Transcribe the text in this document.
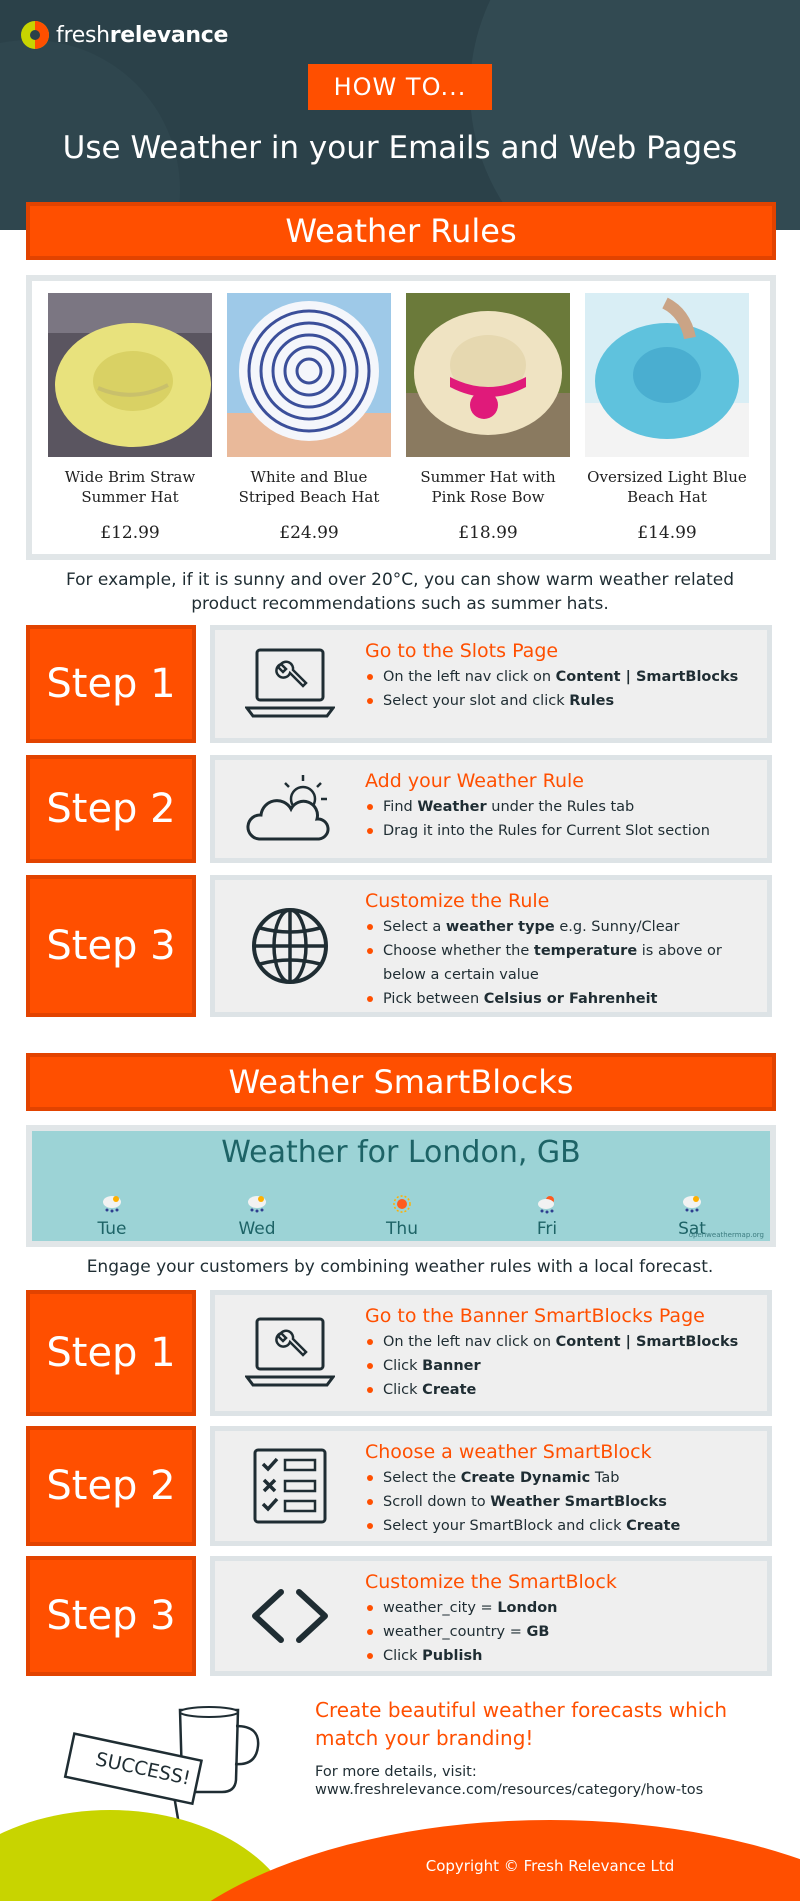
freshrelevance
HOW TO...
Use Weather in your Emails and Web Pages
Weather Rules
Wide Brim Straw Summer Hat
£12.99
White and Blue Striped Beach Hat
£24.99
Summer Hat with Pink Rose Bow
£18.99
Oversized Light Blue Beach Hat
£14.99

For example, if it is sunny and over 20°C, you can show warm weather related product recommendations such as summer hats.

Step 1
Go to the Slots Page
On the left nav click on Content | SmartBlocks
Select your slot and click Rules
Step 2
Add your Weather Rule
Find Weather under the Rules tab
Drag it into the Rules for Current Slot section
Step 3
Customize the Rule
Select a weather type e.g. Sunny/Clear
Choose whether the temperature is above or below a certain value
Pick between Celsius or Fahrenheit
Weather SmartBlocks
Weather for London, GB
Tue	Wed	Thu	Fri	Sat
openweathermap.org

Engage your customers by combining weather rules with a local forecast.

Step 1
Go to the Banner SmartBlocks Page
On the left nav click on Content | SmartBlocks
Click Banner
Click Create
Step 2
Choose a weather SmartBlock
Select the Create Dynamic Tab
Scroll down to Weather SmartBlocks
Select your SmartBlock and click Create
Step 3
Customize the SmartBlock
weather_city = London
weather_country = GB
Click Publish
SUCCESS!
Create beautiful weather forecasts which match your branding!
For more details, visit:
www.freshrelevance.com/resources/category/how-tos
Copyright © Fresh Relevance Ltd
